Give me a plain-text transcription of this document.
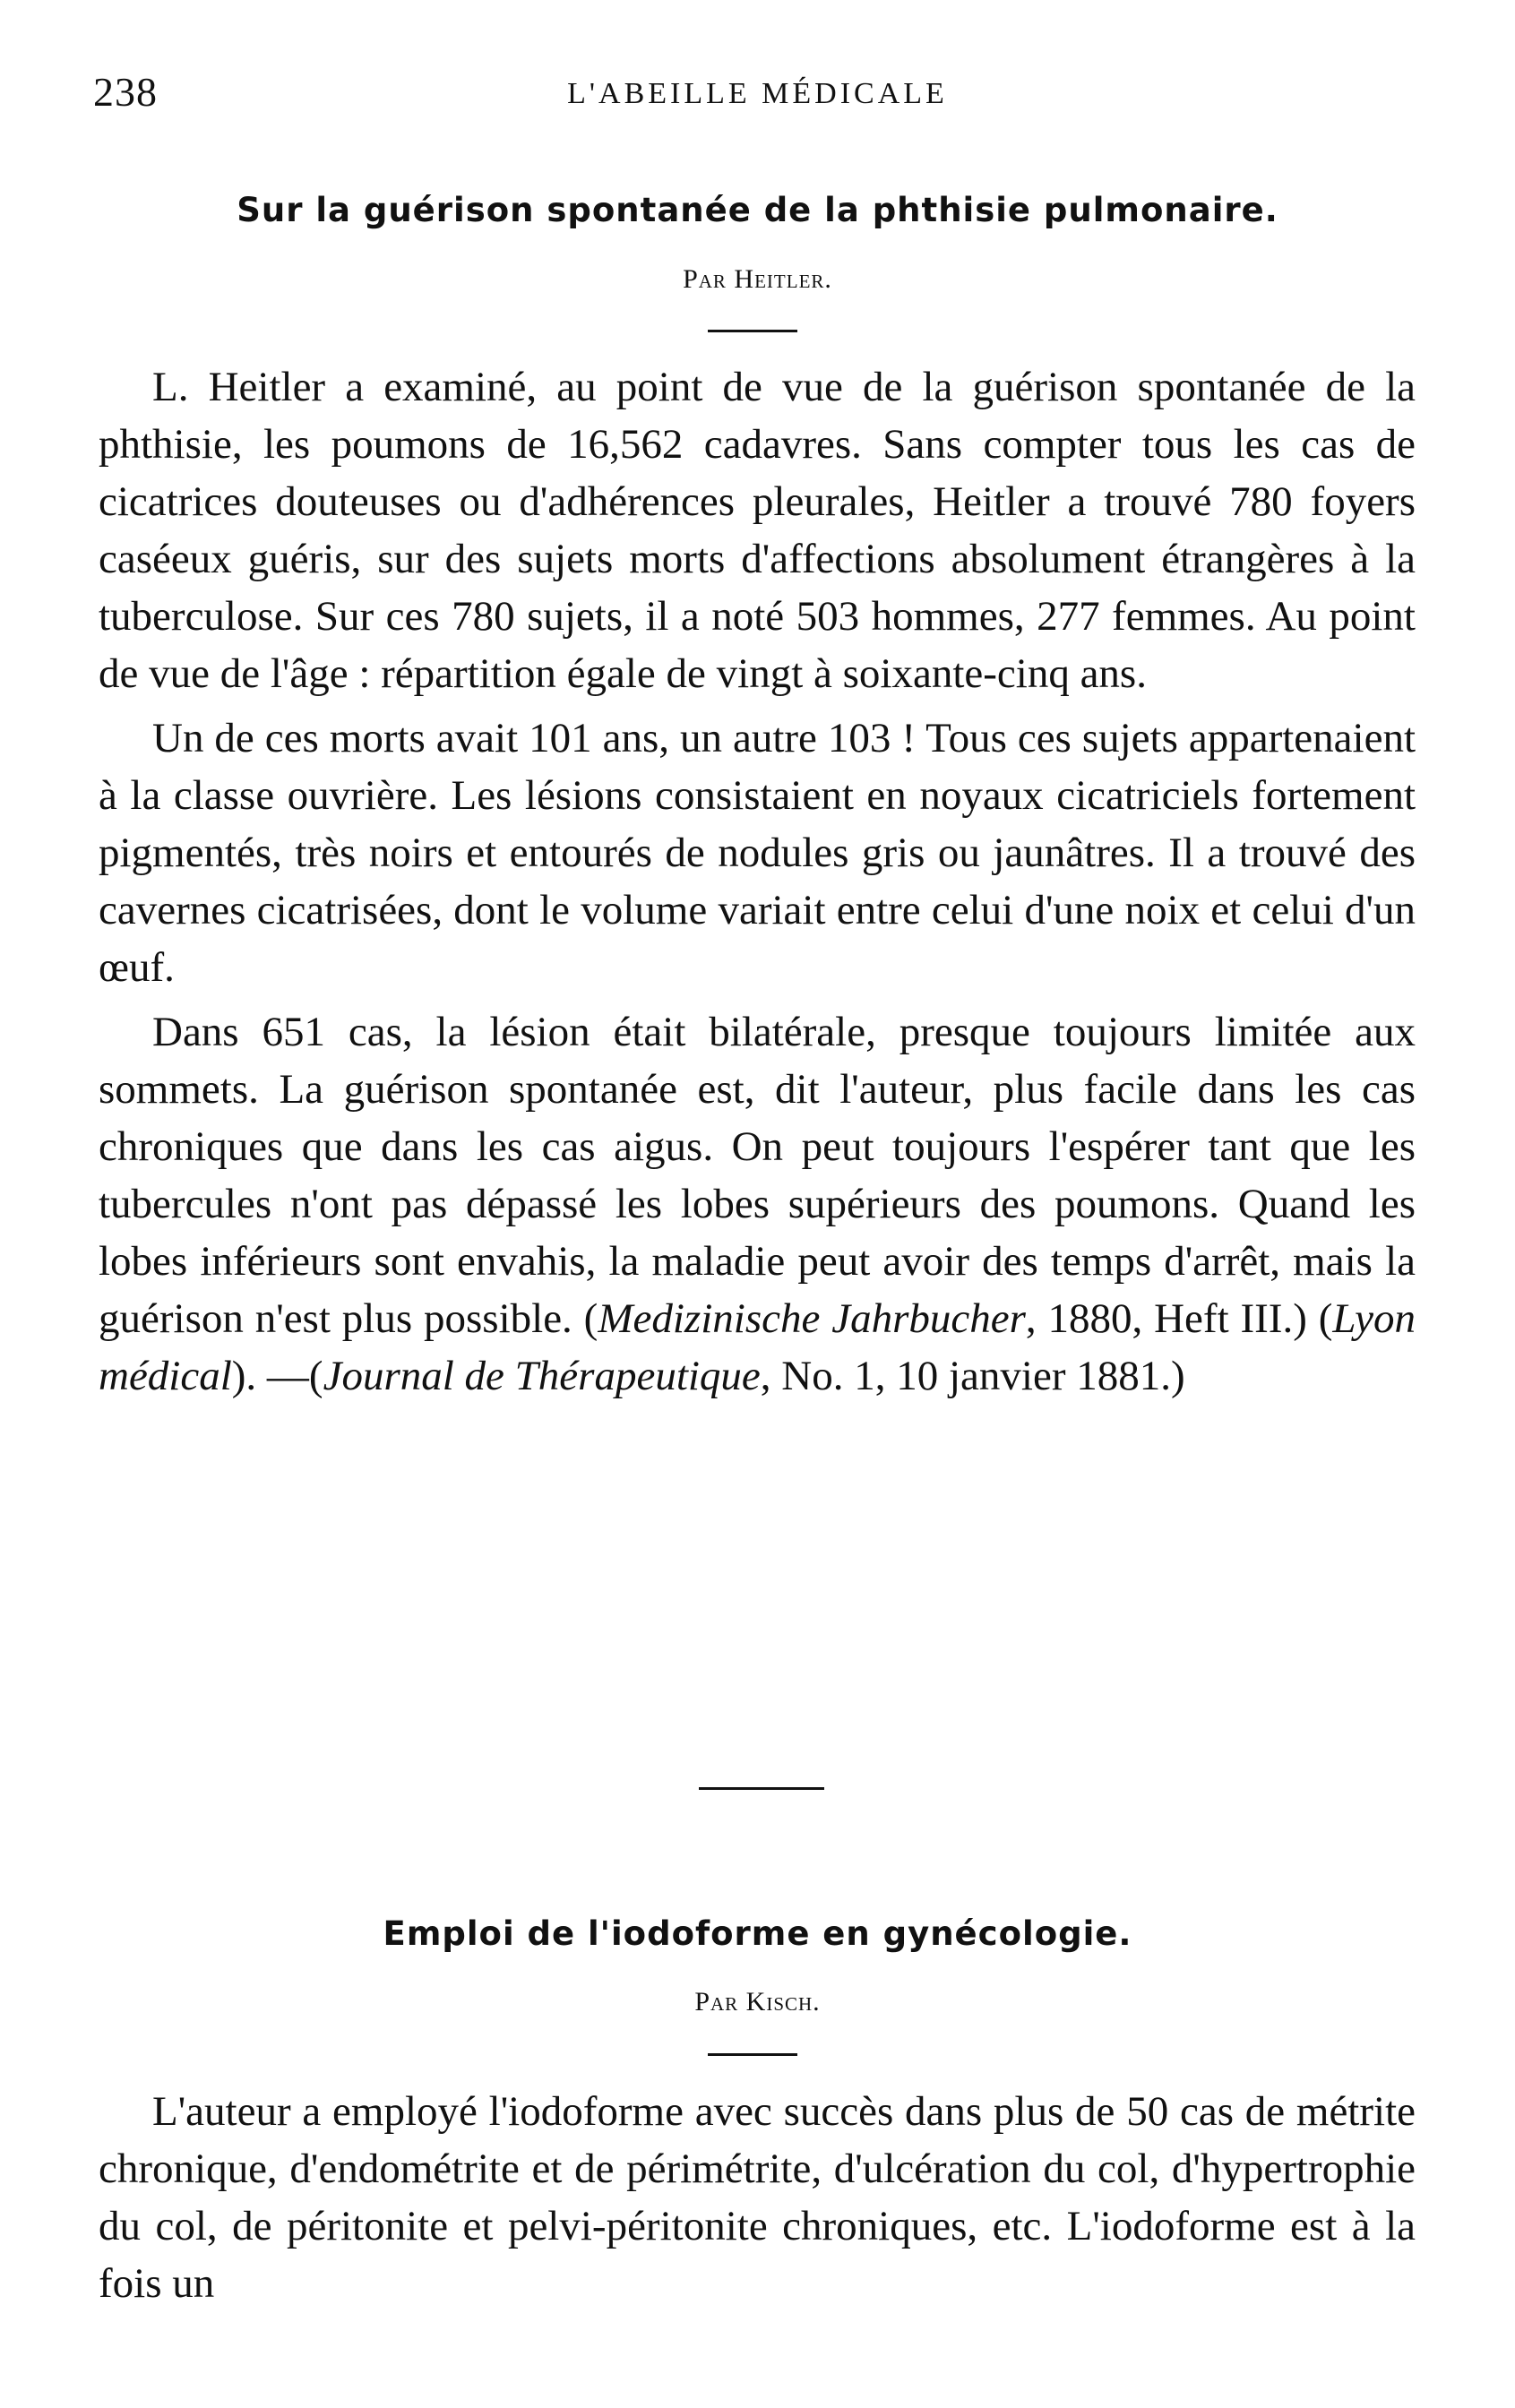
238	L'ABEILLE MÉDICALE
Sur la guérison spontanée de la phthisie pulmonaire.
Par Heitler.

L. Heitler a examiné, au point de vue de la guérison spontanée de la phthisie, les poumons de 16,562 cadavres. Sans compter tous les cas de cicatrices douteuses ou d'adhérences pleurales, Heitler a trouvé 780 foyers caséeux guéris, sur des sujets morts d'affections absolument étrangères à la tuberculose. Sur ces 780 sujets, il a noté 503 hommes, 277 femmes. Au point de vue de l'âge : répartition égale de vingt à soixante-cinq ans.

Un de ces morts avait 101 ans, un autre 103 ! Tous ces sujets appartenaient à la classe ouvrière. Les lésions consistaient en noyaux cicatriciels fortement pigmentés, très noirs et entourés de nodules gris ou jaunâtres. Il a trouvé des cavernes cicatrisées, dont le volume variait entre celui d'une noix et celui d'un œuf.

Dans 651 cas, la lésion était bilatérale, presque toujours limitée aux sommets. La guérison spontanée est, dit l'auteur, plus facile dans les cas chroniques que dans les cas aigus. On peut toujours l'espérer tant que les tubercules n'ont pas dépassé les lobes supérieurs des poumons. Quand les lobes inférieurs sont envahis, la maladie peut avoir des temps d'arrêt, mais la guérison n'est plus possible. (Medizinische Jahrbucher, 1880, Heft III.) (Lyon médical). —(Journal de Thérapeutique, No. 1, 10 janvier 1881.)

Emploi de l'iodoforme en gynécologie.
Par Kisch.

L'auteur a employé l'iodoforme avec succès dans plus de 50 cas de métrite chronique, d'endométrite et de périmétrite, d'ulcération du col, d'hypertrophie du col, de péritonite et pelvi-péritonite chroniques, etc. L'iodoforme est à la fois un
